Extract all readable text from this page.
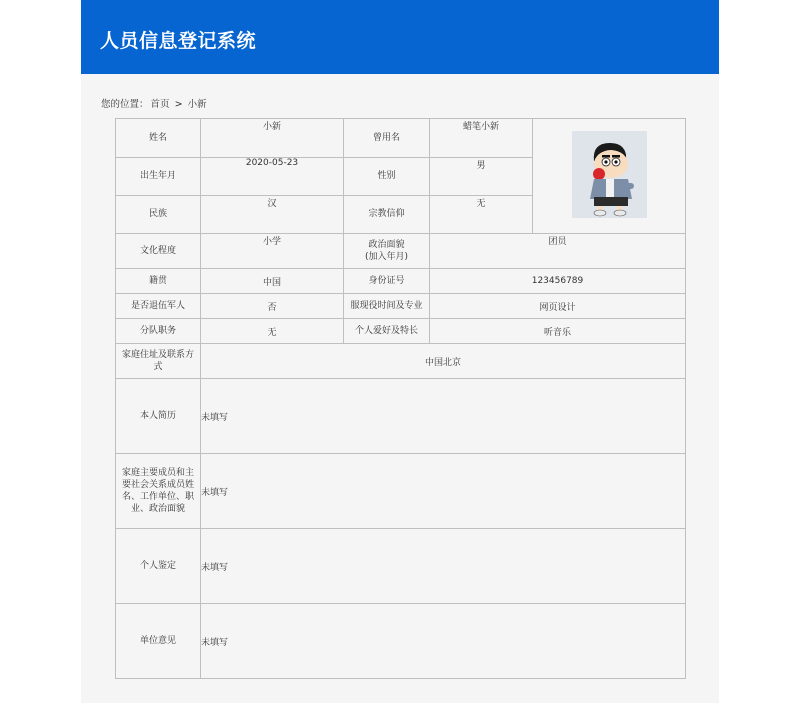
人员信息登记系统
您的位置： 首页 > 小新
姓名	小新	曾用名	蜡笔小新	

出生年月	2020-05-23	性别	男	
民族	汉	宗教信仰	无	
文化程度	小学	政治面貌
(加入年月)	团员	
籍贯	中国	身份证号	123456789	
是否退伍军人	否	服现役时间及专业	网页设计	
分队职务	无	个人爱好及特长	听音乐	

家庭住址及联系方
式	中国北京			
本人简历	未填写			

家庭主要成员和主
要社会关系成员姓
名、工作单位、职
业、政治面貌	未填写			
个人鉴定	未填写			
单位意见	未填写			
